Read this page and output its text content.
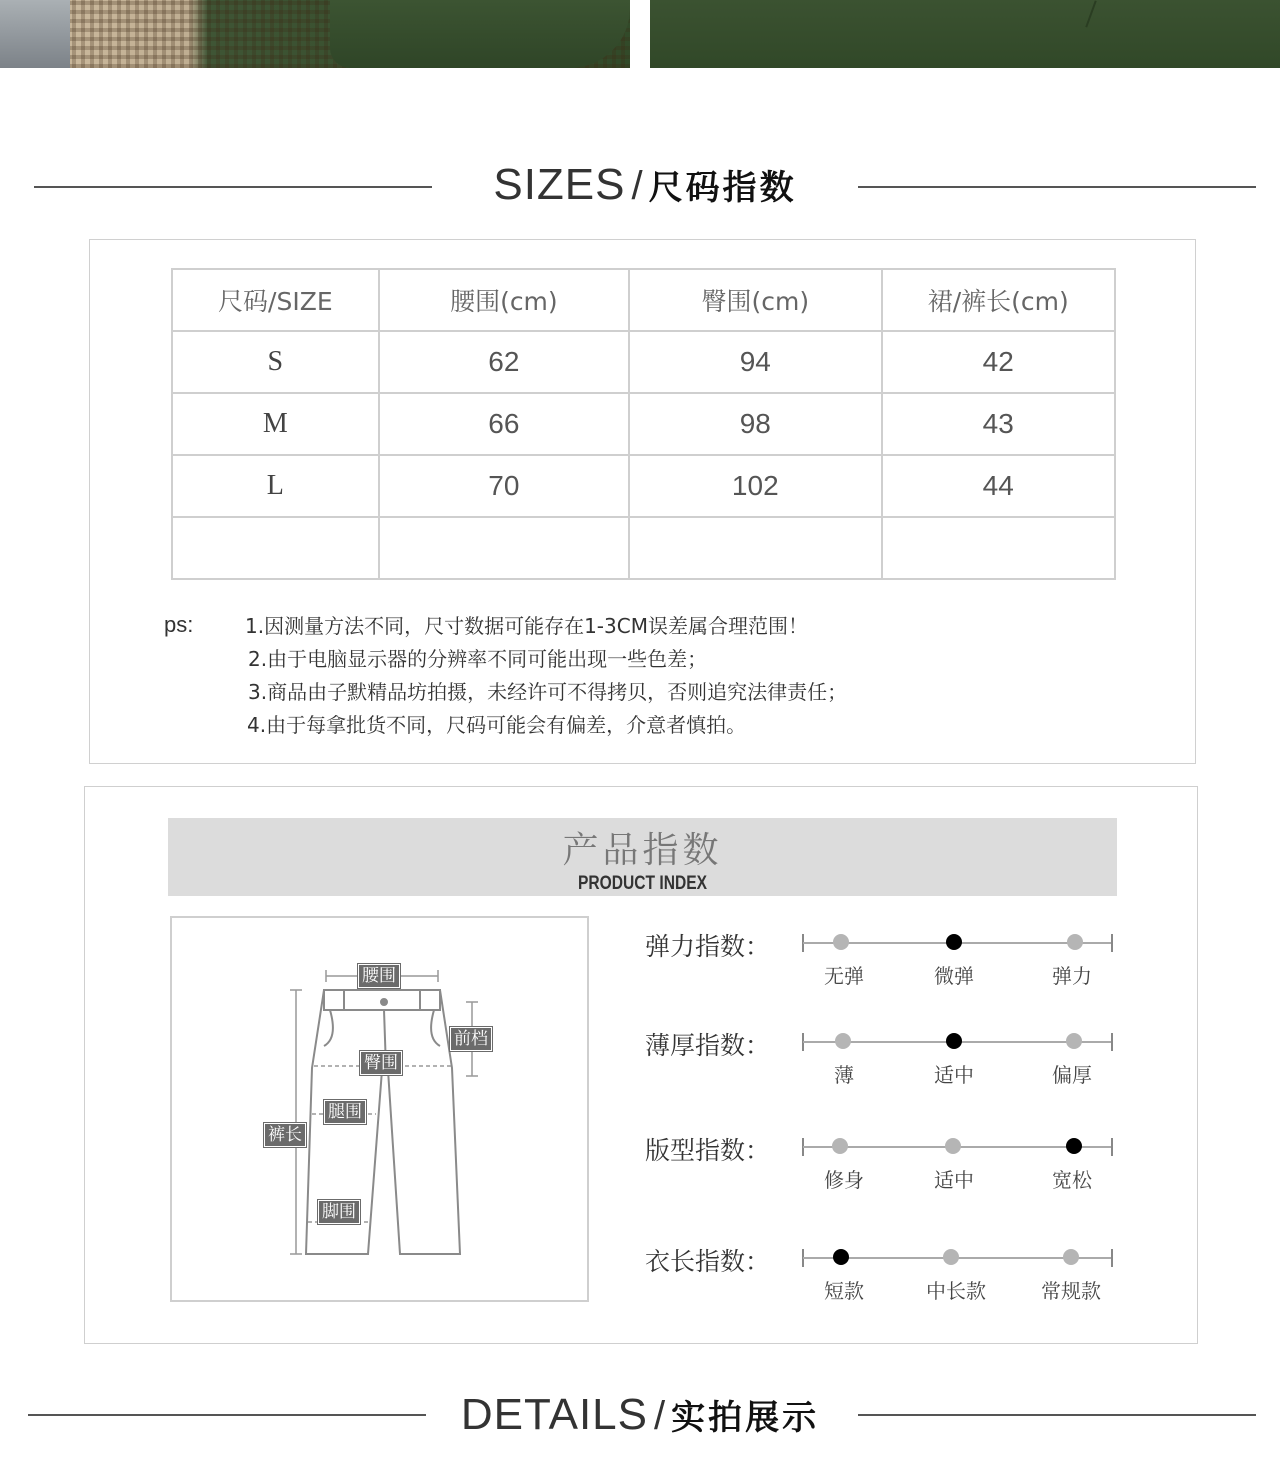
SIZES / 尺码指数
尺码/SIZE	腰围(cm)	臀围(cm)	裙/裤长(cm)
S	62	94	42
M	66	98	43
L	70	102	44

ps:	1.因测量方法不同，尺寸数据可能存在1-3CM误差属合理范围！
2.由于电脑显示器的分辨率不同可能出现一些色差；
3.商品由子默精品坊拍摄，未经许可不得拷贝，否则追究法律责任；
4.由于每拿批货不同，尺码可能会有偏差，介意者慎拍。
产品指数
PRODUCT INDEX
腰围
前档
臀围
腿围
裤长
脚围
弹力指数：
无弹	微弹	弹力
薄厚指数：
薄	适中	偏厚
版型指数：
修身	适中	宽松
衣长指数：
短款	中长款	常规款
DETAILS / 实拍展示
